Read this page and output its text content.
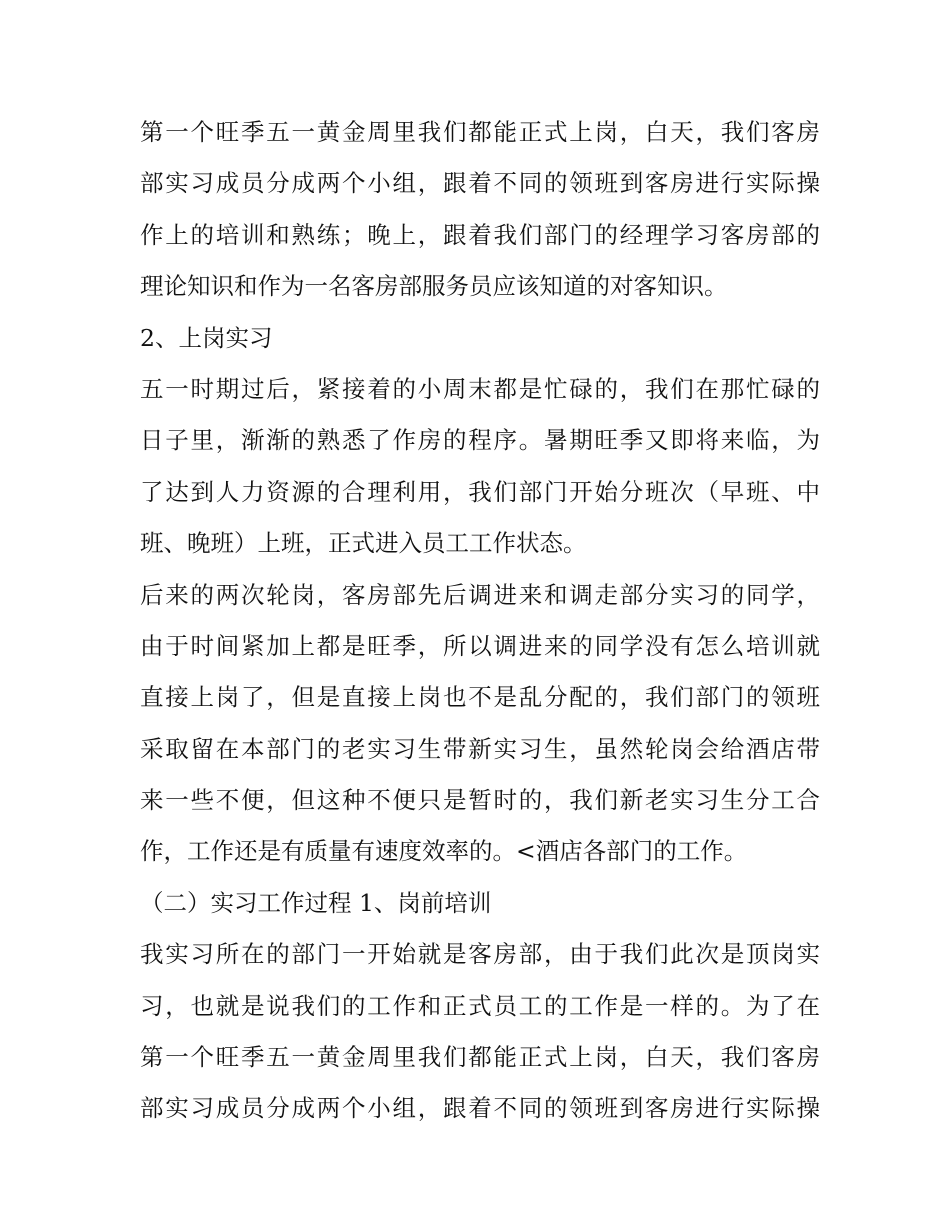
第一个旺季五一黄金周里我们都能正式上岗，白天，我们客房
部实习成员分成两个小组，跟着不同的领班到客房进行实际操
作上的培训和熟练；晚上，跟着我们部门的经理学习客房部的
理论知识和作为一名客房部服务员应该知道的对客知识。
2、上岗实习
五一时期过后，紧接着的小周末都是忙碌的，我们在那忙碌的
日子里，渐渐的熟悉了作房的程序。暑期旺季又即将来临，为
了达到人力资源的合理利用，我们部门开始分班次（早班、中
班、晚班）上班，正式进入员工工作状态。
后来的两次轮岗，客房部先后调进来和调走部分实习的同学，
由于时间紧加上都是旺季，所以调进来的同学没有怎么培训就
直接上岗了，但是直接上岗也不是乱分配的，我们部门的领班
采取留在本部门的老实习生带新实习生，虽然轮岗会给酒店带
来一些不便，但这种不便只是暂时的，我们新老实习生分工合
作，工作还是有质量有速度效率的。<酒店各部门的工作。
（二）实习工作过程 1、岗前培训
我实习所在的部门一开始就是客房部，由于我们此次是顶岗实
习，也就是说我们的工作和正式员工的工作是一样的。为了在
第一个旺季五一黄金周里我们都能正式上岗，白天，我们客房
部实习成员分成两个小组，跟着不同的领班到客房进行实际操
